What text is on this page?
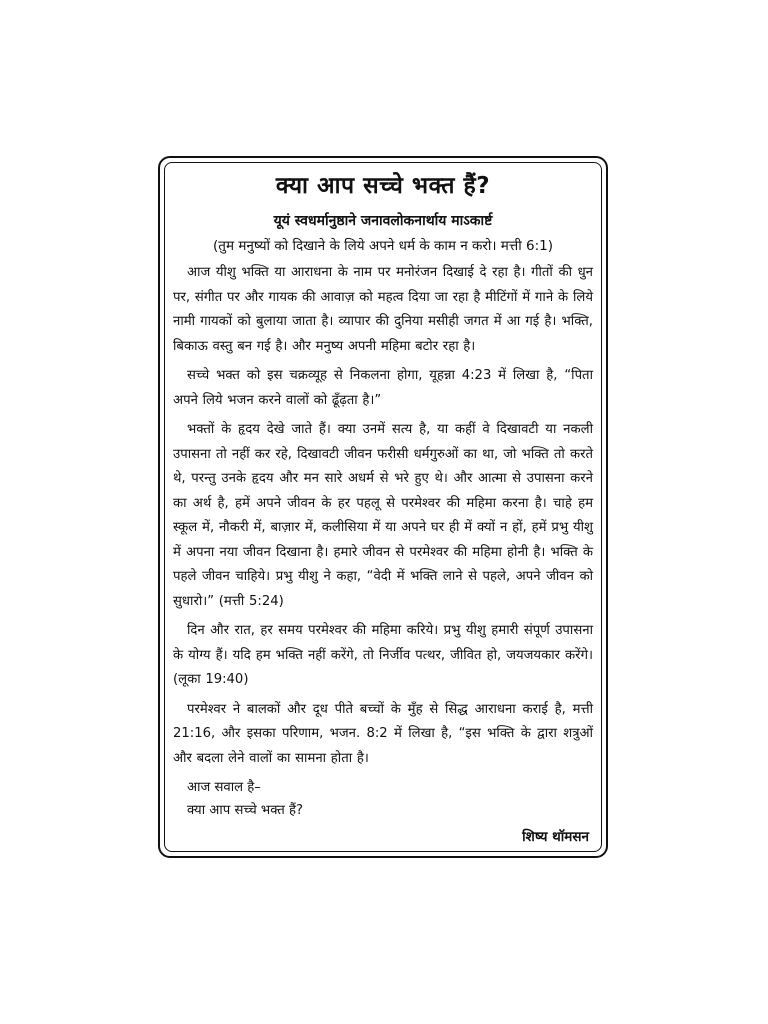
क्या आप सच्चे भक्त हैं?

यूयं स्वधर्मानुष्ठाने जनावलोकनार्थाय माऽकार्ष्ट

(तुम मनुष्यों को दिखाने के लिये अपने धर्म के काम न करो। मत्ती 6:1)

आज यीशु भक्ति या आराधना के नाम पर मनोरंजन दिखाई दे रहा है। गीतों की धुन पर, संगीत पर और गायक की आवाज़ को महत्व दिया जा रहा है मीटिंगों में गाने के लिये नामी गायकों को बुलाया जाता है। व्यापार की दुनिया मसीही जगत में आ गई है। भक्ति, बिकाऊ वस्तु बन गई है। और मनुष्य अपनी महिमा बटोर रहा है।

सच्चे भक्त को इस चक्रव्यूह से निकलना होगा, यूहन्ना 4:23 में लिखा है, “पिता अपने लिये भजन करने वालों को ढूँढ़ता है।”

भक्तों के हृदय देखे जाते हैं। क्या उनमें सत्य है, या कहीं वे दिखावटी या नकली उपासना तो नहीं कर रहे, दिखावटी जीवन फरीसी धर्मगुरुओं का था, जो भक्ति तो करते थे, परन्तु उनके हृदय और मन सारे अधर्म से भरे हुए थे। और आत्मा से उपासना करने का अर्थ है, हमें अपने जीवन के हर पहलू से परमेश्वर की महिमा करना है। चाहे हम स्कूल में, नौकरी में, बाज़ार में, कलीसिया में या अपने घर ही में क्यों न हों, हमें प्रभु यीशु में अपना नया जीवन दिखाना है। हमारे जीवन से परमेश्वर की महिमा होनी है। भक्ति के पहले जीवन चाहिये। प्रभु यीशु ने कहा, “वेदी में भक्ति लाने से पहले, अपने जीवन को सुधारो।” (मत्ती 5:24)

दिन और रात, हर समय परमेश्वर की महिमा करिये। प्रभु यीशु हमारी संपूर्ण उपासना के योग्य हैं। यदि हम भक्ति नहीं करेंगे, तो निर्जीव पत्थर, जीवित हो, जयजयकार करेंगे। (लूका 19:40)

परमेश्वर ने बालकों और दूध पीते बच्चों के मुँह से सिद्ध आराधना कराई है, मत्ती 21:16, और इसका परिणाम, भजन. 8:2 में लिखा है, “इस भक्ति के द्वारा शत्रुओं और बदला लेने वालों का सामना होता है।

आज सवाल है–
क्या आप सच्चे भक्त हैं?
शिष्य थॉमसन
